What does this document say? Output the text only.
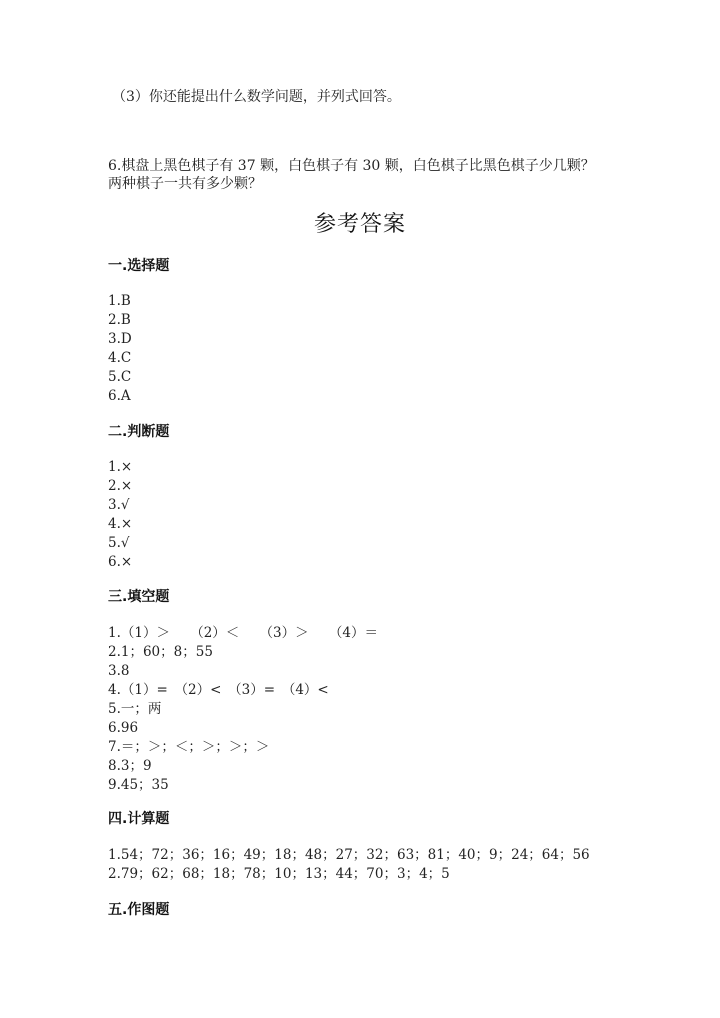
（3）你还能提出什么数学问题，并列式回答。
6.棋盘上黑色棋子有 37 颗，白色棋子有 30 颗，白色棋子比黑色棋子少几颗？
两种棋子一共有多少颗？
参考答案
一.选择题
1.B
2.B
3.D
4.C
5.C
6.A
二.判断题
1.×
2.×
3.√
4.×
5.√
6.×
三.填空题
1.（1）＞　　（2）＜　　（3）＞　　（4）＝
2.1；60；8；55
3.8
4.（1）=　（2）<　（3）=　（4）<
5.一；两
6.96
7.＝；＞；＜；＞；＞；＞
8.3；9
9.45；35
四.计算题
1.54；72；36；16；49；18；48；27；32；63；81；40；9；24；64；56
2.79；62；68；18；78；10；13；44；70；3；4；5
五.作图题
